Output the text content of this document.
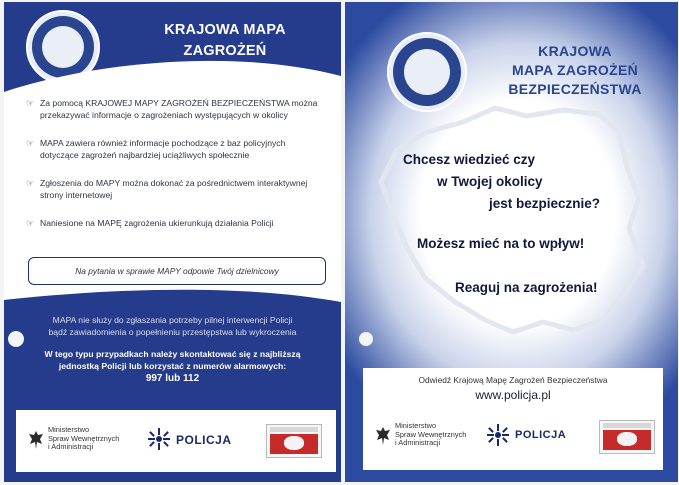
KRAJOWA MAPA
ZAGROŻEŃ
☞ Za pomocą KRAJOWEJ MAPY ZAGROŻEŃ BEZPIECZEŃSTWA można przekazywać informacje o zagrożeniach występujących w okolicy
☞ MAPA zawiera również informacje pochodzące z baz policyjnych dotyczące zagrożeń najbardziej uciążliwych społecznie
☞ Zgłoszenia do MAPY można dokonać za pośrednictwem interaktywnej strony internetowej
☞ Naniesione na MAPĘ zagrożenia ukierunkują działania Policji
Na pytania w sprawie MAPY odpowie Twój dzielnicowy
MAPA nie służy do zgłaszania potrzeby pilnej interwencji Policji
bądź zawiadomienia o popełnieniu przestępstwa lub wykroczenia
W tego typu przypadkach należy skontaktować się z najbliższą
jednostką Policji lub korzystać z numerów alarmowych:
997 lub 112
Ministerstwo
Spraw Wewnętrznych
i Administracji	POLICJA
KRAJOWA
MAPA ZAGROŻEŃ
BEZPIECZEŃSTWA
Chcesz wiedzieć czy
w Twojej okolicy
jest bezpiecznie?
Możesz mieć na to wpływ!
Reaguj na zagrożenia!
Odwiedź Krajową Mapę Zagrożeń Bezpieczeństwa
www.policja.pl
Ministerstwo
Spraw Wewnętrznych
i Administracji
POLICJA
